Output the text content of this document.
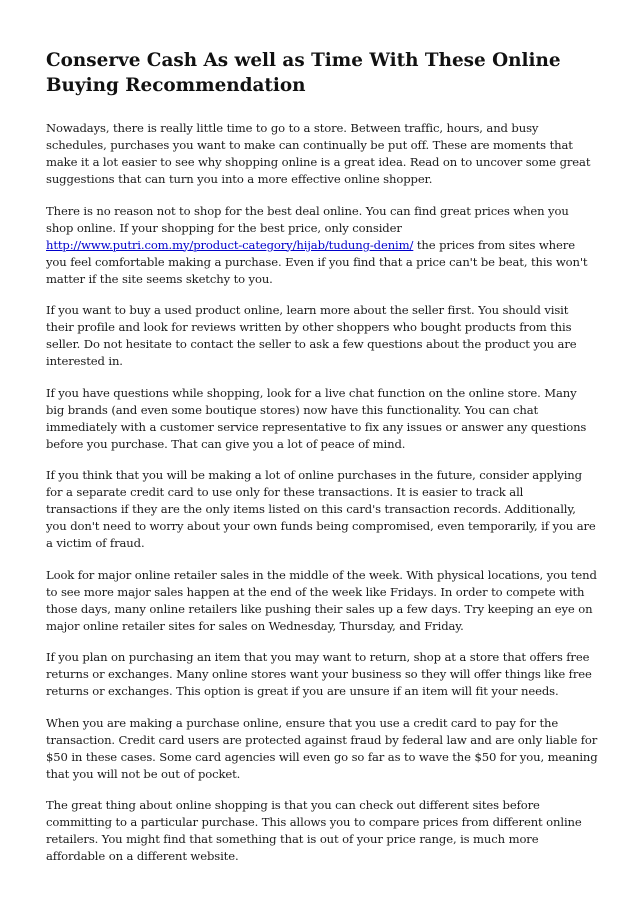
Conserve Cash As well as Time With These Online Buying Recommendation

Nowadays, there is really little time to go to a store. Between traffic, hours, and busy schedules, purchases you want to make can continually be put off. These are moments that make it a lot easier to see why shopping online is a great idea. Read on to uncover some great suggestions that can turn you into a more effective online shopper.

There is no reason not to shop for the best deal online. You can find great prices when you shop online. If your shopping for the best price, only consider http://www.putri.com.my/product-category/hijab/tudung-denim/ the prices from sites where you feel comfortable making a purchase. Even if you find that a price can't be beat, this won't matter if the site seems sketchy to you.

If you want to buy a used product online, learn more about the seller first. You should visit their profile and look for reviews written by other shoppers who bought products from this seller. Do not hesitate to contact the seller to ask a few questions about the product you are interested in.

If you have questions while shopping, look for a live chat function on the online store. Many big brands (and even some boutique stores) now have this functionality. You can chat immediately with a customer service representative to fix any issues or answer any questions before you purchase. That can give you a lot of peace of mind.

If you think that you will be making a lot of online purchases in the future, consider applying for a separate credit card to use only for these transactions. It is easier to track all transactions if they are the only items listed on this card's transaction records. Additionally, you don't need to worry about your own funds being compromised, even temporarily, if you are a victim of fraud.

Look for major online retailer sales in the middle of the week. With physical locations, you tend to see more major sales happen at the end of the week like Fridays. In order to compete with those days, many online retailers like pushing their sales up a few days. Try keeping an eye on major online retailer sites for sales on Wednesday, Thursday, and Friday.

If you plan on purchasing an item that you may want to return, shop at a store that offers free returns or exchanges. Many online stores want your business so they will offer things like free returns or exchanges. This option is great if you are unsure if an item will fit your needs.

When you are making a purchase online, ensure that you use a credit card to pay for the transaction. Credit card users are protected against fraud by federal law and are only liable for $50 in these cases. Some card agencies will even go so far as to wave the $50 for you, meaning that you will not be out of pocket.

The great thing about online shopping is that you can check out different sites before committing to a particular purchase. This allows you to compare prices from different online retailers. You might find that something that is out of your price range, is much more affordable on a different website.
